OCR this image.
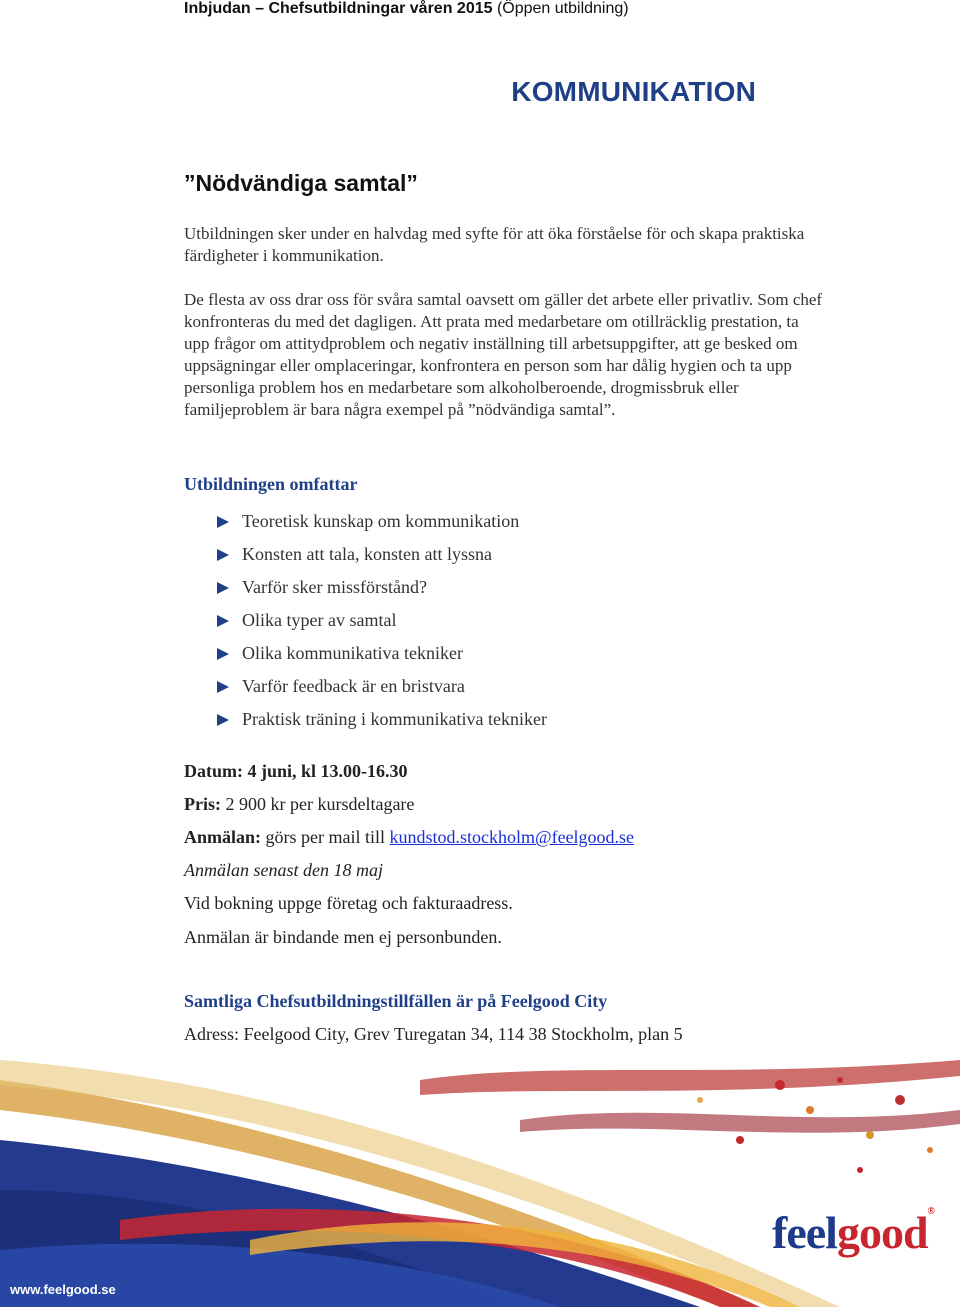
Inbjudan – Chefsutbildningar våren 2015 (Öppen utbildning)
KOMMUNIKATION
”Nödvändiga samtal”

Utbildningen sker under en halvdag med syfte för att öka förståelse för och skapa praktiska färdigheter i kommunikation.

De flesta av oss drar oss för svåra samtal oavsett om gäller det arbete eller privatliv. Som chef konfronteras du med det dagligen. Att prata med medarbetare om otillräcklig prestation, ta upp frågor om attitydproblem och negativ inställning till arbetsuppgifter, att ge besked om uppsägningar eller omplaceringar, konfrontera en person som har dålig hygien och ta upp personliga problem hos en medarbetare som alkoholberoende, drogmissbruk eller familjeproblem är bara några exempel på ”nödvändiga samtal”.

Utbildningen omfattar
Teoretisk kunskap om kommunikation
Konsten att tala, konsten att lyssna
Varför sker missförstånd?
Olika typer av samtal
Olika kommunikativa tekniker
Varför feedback är en bristvara
Praktisk träning i kommunikativa tekniker
Datum: 4 juni, kl 13.00-16.30
Pris: 2 900 kr per kursdeltagare
Anmälan: görs per mail till kundstod.stockholm@feelgood.se
Anmälan senast den 18 maj
Vid bokning uppge företag och fakturaadress.
Anmälan är bindande men ej personbunden.
Samtliga Chefsutbildningstillfällen är på Feelgood City
Adress: Feelgood City, Grev Turegatan 34, 114 38 Stockholm, plan 5
www.feelgood.se
feelgood®
